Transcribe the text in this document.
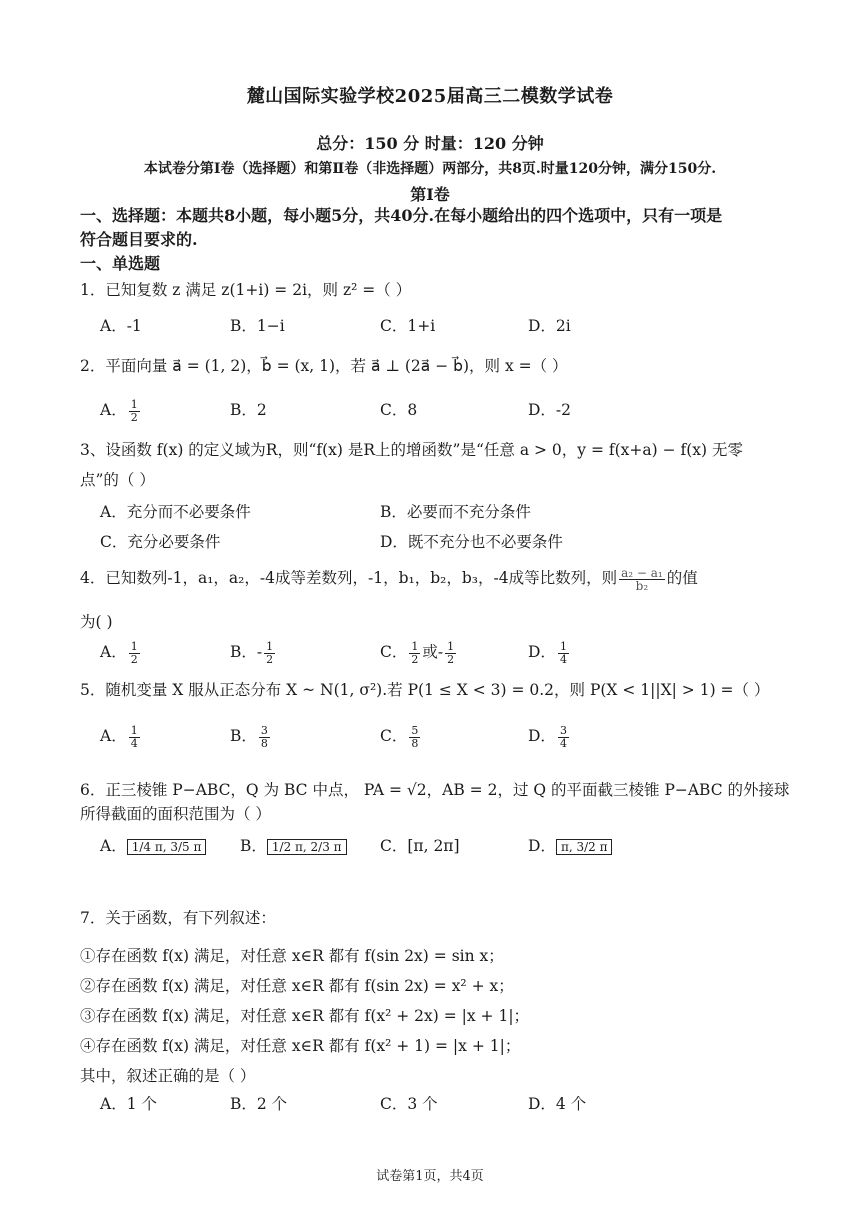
麓山国际实验学校2025届高三二模数学试卷
总分：150 分 时量：120 分钟
本试卷分第Ⅰ卷（选择题）和第Ⅱ卷（非选择题）两部分，共8页.时量120分钟，满分150分.
第Ⅰ卷
一、选择题：本题共8小题，每小题5分，共40分.在每小题给出的四个选项中，只有一项是
符合题目要求的.
一、单选题
1．已知复数 z 满足 z(1+i) = 2i，则 z² =（ ）
A．-1	B．1−i	C．1+i	D．2i
2．平面向量 a⃗ = (1, 2)，b⃗ = (x, 1)，若 a⃗ ⊥ (2a⃗ − b⃗)，则 x =（ ）
A． $\frac{1}{2}$	B．2	C．8	D．-2
3、设函数 f(x) 的定义域为R，则“f(x) 是R上的增函数”是“任意 a > 0，y = f(x+a) − f(x) 无零
点”的（ ）
A．充分而不必要条件	B．必要而不充分条件
C．充分必要条件	D．既不充分也不必要条件
4．已知数列-1，a₁，a₂，-4成等差数列，-1，b₁，b₂，b₃，-4成等比数列，则 $\frac{\text{a₂ − a₁}}{\text{b₂}}$ 的值
为( )
A． $\frac{1}{2}$	B．- $\frac{1}{2}$	C． $\frac{1}{2}$ 或- $\frac{1}{2}$	D． $\frac{1}{4}$
5．随机变量 X 服从正态分布 X ~ N(1, σ²).若 P(1 ≤ X < 3) = 0.2，则 P(X < 1||X| > 1) =（ ）
A． $\frac{1}{4}$	B． $\frac{3}{8}$	C． $\frac{5}{8}$	D． $\frac{3}{4}$
6．正三棱锥 P−ABC，Q 为 BC 中点， PA = √2，AB = 2，过 Q 的平面截三棱锥 P−ABC 的外接球
所得截面的面积范围为（ ）
A． 1/4 π, 3/5 π	B． 1/2 π, 2/3 π	C．[π, 2π]	D． π, 3/2 π
7．关于函数，有下列叙述：
①存在函数 f(x) 满足，对任意 x∈R 都有 f(sin 2x) = sin x；
②存在函数 f(x) 满足，对任意 x∈R 都有 f(sin 2x) = x² + x；
③存在函数 f(x) 满足，对任意 x∈R 都有 f(x² + 2x) = |x + 1|；
④存在函数 f(x) 满足，对任意 x∈R 都有 f(x² + 1) = |x + 1|；
其中，叙述正确的是（ ）
A．1 个	B．2 个	C．3 个	D．4 个
试卷第1页，共4页
